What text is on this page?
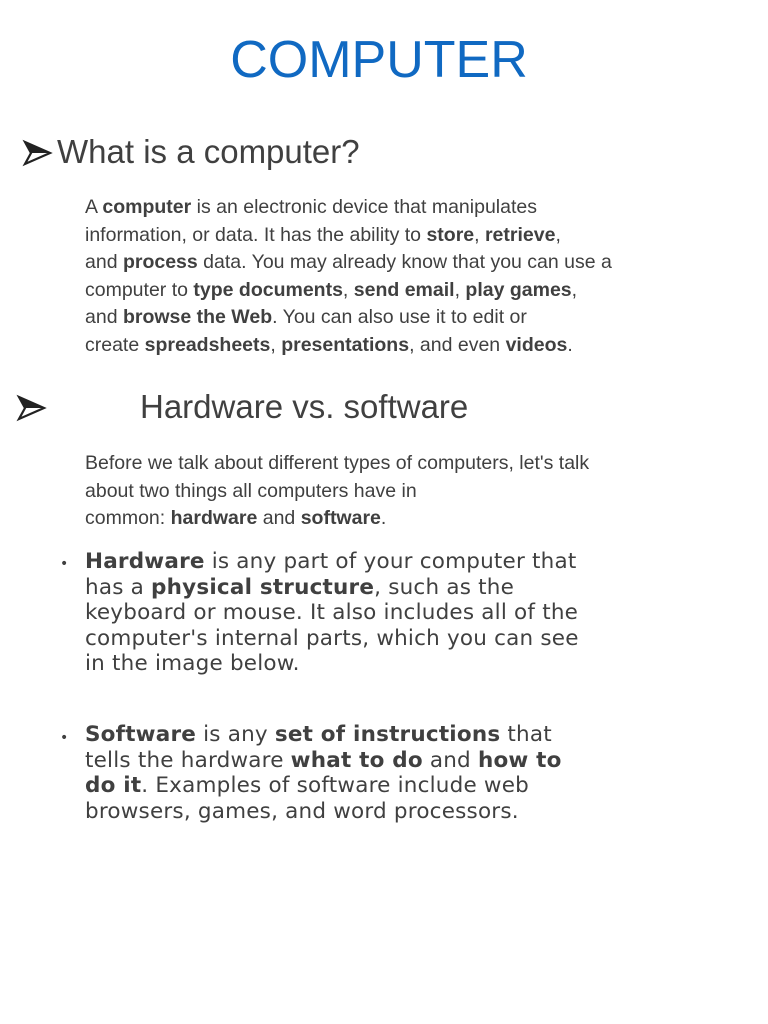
COMPUTER
What is a computer?
A computer is an electronic device that manipulates
information, or data. It has the ability to store, retrieve,
and process data. You may already know that you can use a
computer to type documents, send email, play games,
and browse the Web. You can also use it to edit or
create spreadsheets, presentations, and even videos.
Hardware vs. software
Before we talk about different types of computers, let's talk
about two things all computers have in
common: hardware and software.
• Hardware is any part of your computer that
has a physical structure, such as the
keyboard or mouse. It also includes all of the
computer's internal parts, which you can see
in the image below.
• Software is any set of instructions that
tells the hardware what to do and how to
do it. Examples of software include web
browsers, games, and word processors.
